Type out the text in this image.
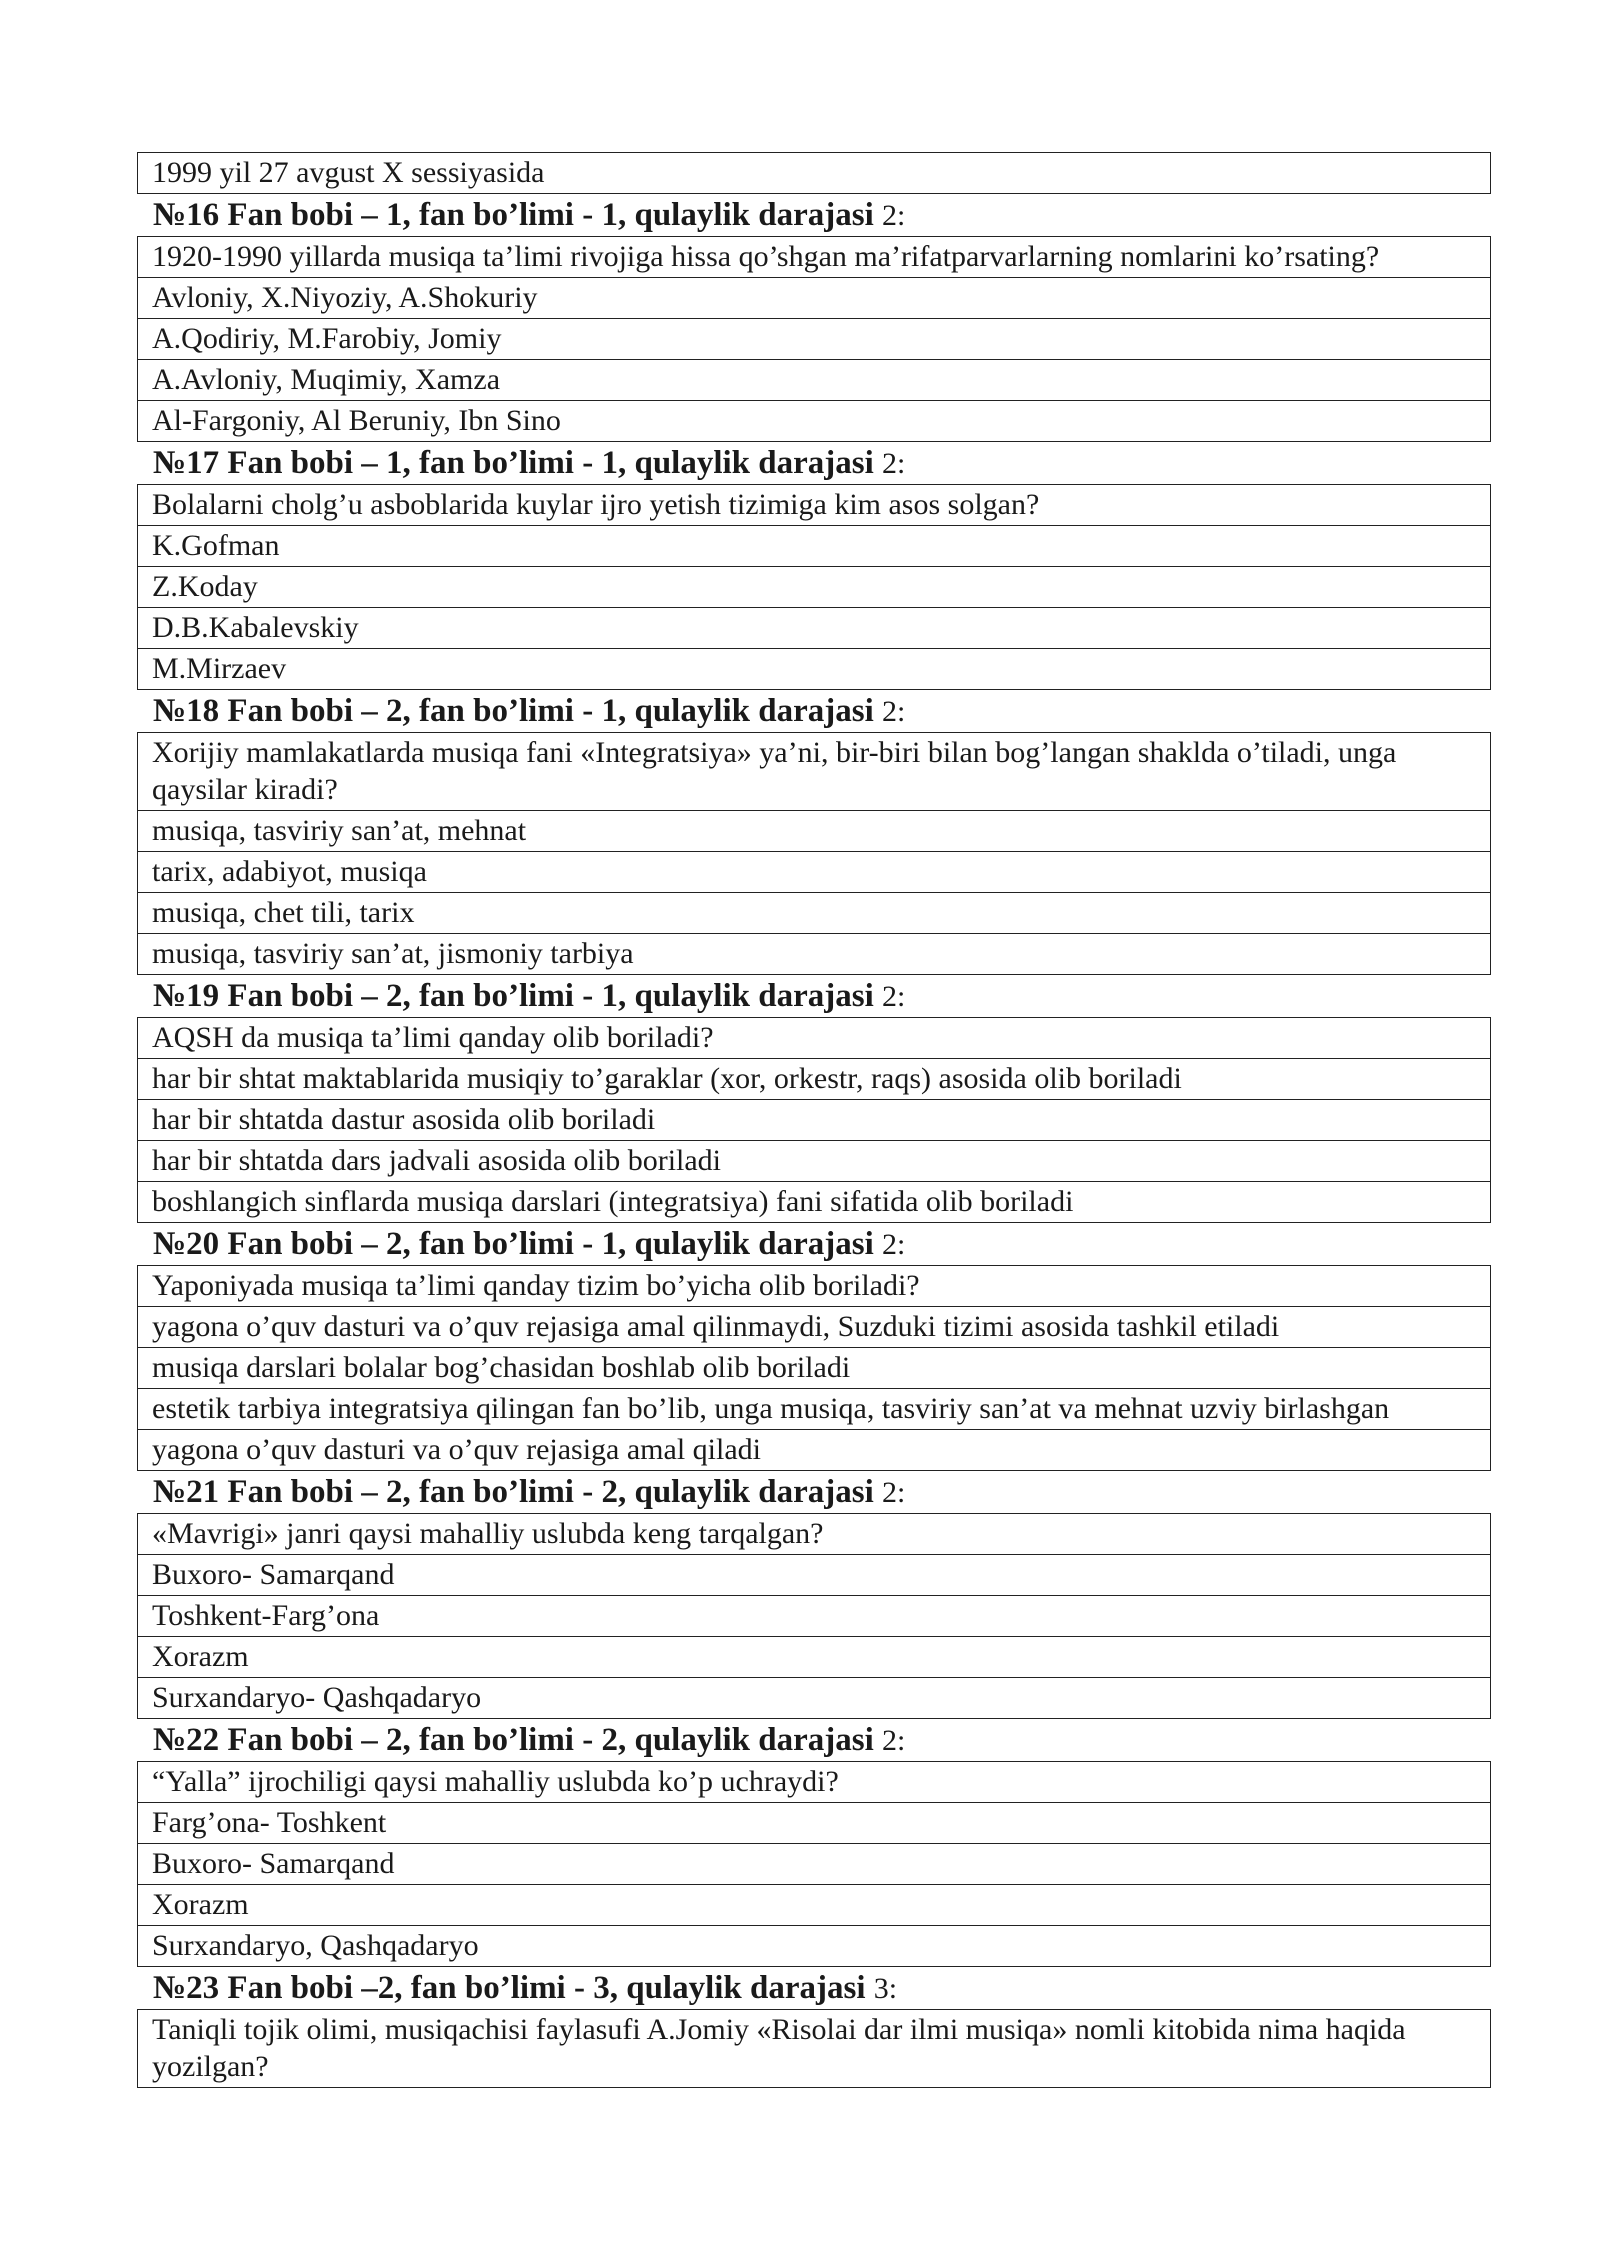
1999 yil 27 avgust X sessiyasida
№16 Fan bobi – 1, fan bo’limi - 1, qulaylik darajasi 2:
1920-1990 yillarda musiqa ta’limi rivojiga hissa qo’shgan ma’rifatparvarlarning nomlarini ko’rsating?
Avloniy, X.Niyoziy, A.Shokuriy
A.Qodiriy, M.Farobiy, Jomiy
A.Avloniy, Muqimiy, Xamza
Al-Fargoniy, Al Beruniy, Ibn Sino
№17 Fan bobi – 1, fan bo’limi - 1, qulaylik darajasi 2:
Bolalarni cholg’u asboblarida kuylar ijro yetish tizimiga kim asos solgan?
K.Gofman
Z.Koday
D.B.Kabalevskiy
M.Mirzaev
№18 Fan bobi – 2, fan bo’limi - 1, qulaylik darajasi 2:
Xorijiy mamlakatlarda musiqa fani «Integratsiya» ya’ni, bir-biri bilan bog’langan shaklda o’tiladi, unga qaysilar kiradi?
musiqa, tasviriy san’at, mehnat
tarix, adabiyot, musiqa
musiqa, chet tili, tarix
musiqa, tasviriy san’at, jismoniy tarbiya
№19 Fan bobi – 2, fan bo’limi - 1, qulaylik darajasi 2:
AQSH da musiqa ta’limi qanday olib boriladi?
har bir shtat maktablarida musiqiy to’garaklar (xor, orkestr, raqs) asosida olib boriladi
har bir shtatda dastur asosida olib boriladi
har bir shtatda dars jadvali asosida olib boriladi
boshlangich sinflarda musiqa darslari (integratsiya) fani sifatida olib boriladi
№20 Fan bobi – 2, fan bo’limi - 1, qulaylik darajasi 2:
Yaponiyada musiqa ta’limi qanday tizim bo’yicha olib boriladi?
yagona o’quv dasturi va o’quv rejasiga amal qilinmaydi, Suzduki tizimi asosida tashkil etiladi
musiqa darslari bolalar bog’chasidan boshlab olib boriladi
estetik tarbiya integratsiya qilingan fan bo’lib, unga musiqa, tasviriy san’at va mehnat uzviy birlashgan
yagona o’quv dasturi va o’quv rejasiga amal qiladi
№21 Fan bobi – 2, fan bo’limi - 2, qulaylik darajasi 2:
«Mavrigi» janri qaysi mahalliy uslubda keng tarqalgan?
Buxoro- Samarqand
Toshkent-Farg’ona
Xorazm
Surxandaryo- Qashqadaryo
№22 Fan bobi – 2, fan bo’limi - 2, qulaylik darajasi 2:
“Yalla” ijrochiligi qaysi mahalliy uslubda ko’p uchraydi?
Farg’ona- Toshkent
Buxoro- Samarqand
Xorazm
Surxandaryo, Qashqadaryo
№23 Fan bobi –2, fan bo’limi - 3, qulaylik darajasi 3:
Taniqli tojik olimi, musiqachisi faylasufi A.Jomiy «Risolai dar ilmi musiqa» nomli kitobida nima haqida yozilgan?
